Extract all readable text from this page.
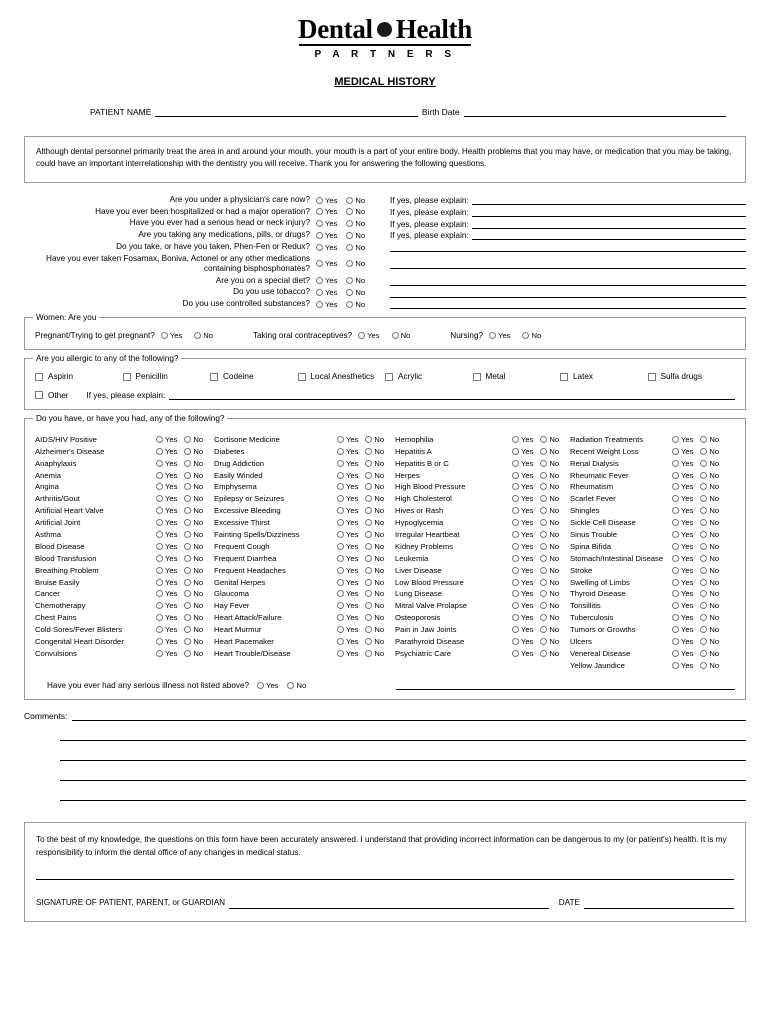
Dental Health
P A R T N E R S
MEDICAL HISTORY
PATIENT NAME	Birth Date
Although dental personnel primarily treat the area in and around your mouth, your mouth is a part of your entire body. Health problems that you may have, or medication that you may be taking, could have an important interrelationship with the dentistry you will receive. Thank you for answering the following questions.
Are you under a physician's care now?	Yes No	If yes, please explain:
Have you ever been hospitalized or had a major operation?	Yes No	If yes, please explain:
Have you ever had a serious head or neck injury?	Yes No	If yes, please explain:
Are you taking any medications, pills, or drugs?	Yes No	If yes, please explain:
Do you take, or have you taken, Phen-Fen or Redux?	Yes No
Have you ever taken Fosamax, Boniva, Actonel or any other medications containing bisphosphonates?	Yes No
Are you on a special diet?	Yes No
Do you use tobacco?	Yes No
Do you use controlled substances?	Yes No
Women: Are you
Pregnant/Trying to get pregnant? Yes	No	Taking oral contraceptives? Yes	No	Nursing? Yes	No
Are you allergic to any of the following?
Aspirin	Penicillin	Codeine	Local Anesthetics	Acrylic	Metal	Latex	Sulfa drugs
Other If yes, please explain:
Do you have, or have you had, any of the following?
AIDS/HIV Positive	Yes No
Alzheimer's Disease	Yes No
Anaphylaxis	Yes No
Anemia	Yes No
Angina	Yes No
Arthritis/Gout	Yes No
Artificial Heart Valve	Yes No
Artificial Joint	Yes No
Asthma	Yes No
Blood Disease	Yes No
Blood Transfusion	Yes No
Breathing Problem	Yes No
Bruise Easily	Yes No
Cancer	Yes No
Chemotherapy	Yes No
Chest Pains	Yes No
Cold Sores/Fever Blisters	Yes No
Congenital Heart Disorder	Yes No
Convulsions	Yes No
Cortisone Medicine	Yes No
Diabetes	Yes No
Drug Addiction	Yes No
Easily Winded	Yes No
Emphysema	Yes No
Epilepsy or Seizures	Yes No
Excessive Bleeding	Yes No
Excessive Thirst	Yes No
Fainting Spells/Dizziness	Yes No
Frequent Cough	Yes No
Frequent Diarrhea	Yes No
Frequent Headaches	Yes No
Genital Herpes	Yes No
Glaucoma	Yes No
Hay Fever	Yes No
Heart Attack/Failure	Yes No
Heart Murmur	Yes No
Heart Pacemaker	Yes No
Heart Trouble/Disease	Yes No
Hemophilia	Yes No
Hepatitis A	Yes No
Hepatitis B or C	Yes No
Herpes	Yes No
High Blood Pressure	Yes No
High Cholesterol	Yes No
Hives or Rash	Yes No
Hypoglycemia	Yes No
Irregular Heartbeat	Yes No
Kidney Problems	Yes No
Leukemia	Yes No
Liver Disease	Yes No
Low Blood Pressure	Yes No
Lung Disease	Yes No
Mitral Valve Prolapse	Yes No
Osteoporosis	Yes No
Pain in Jaw Joints	Yes No
Parathyroid Disease	Yes No
Psychiatric Care	Yes No
Radiation Treatments	Yes No
Recent Weight Loss	Yes No
Renal Dialysis	Yes No
Rheumatic Fever	Yes No
Rheumatism	Yes No
Scarlet Fever	Yes No
Shingles	Yes No
Sickle Cell Disease	Yes No
Sinus Trouble	Yes No
Spina Bifida	Yes No
Stomach/Intestinal Disease	Yes No
Stroke	Yes No
Swelling of Limbs	Yes No
Thyroid Disease	Yes No
Tonsillitis	Yes No
Tuberculosis	Yes No
Tumors or Growths	Yes No
Ulcers	Yes No
Venereal Disease	Yes No
Yellow Jaundice	Yes No
Have you ever had any serious illness not listed above? Yes No
Comments:
To the best of my knowledge, the questions on this form have been accurately answered. I understand that providing incorrect information can be dangerous to my (or patient's) health. It is my responsibility to inform the dental office of any changes in medical status.
SIGNATURE OF PATIENT, PARENT, or GUARDIAN	DATE
